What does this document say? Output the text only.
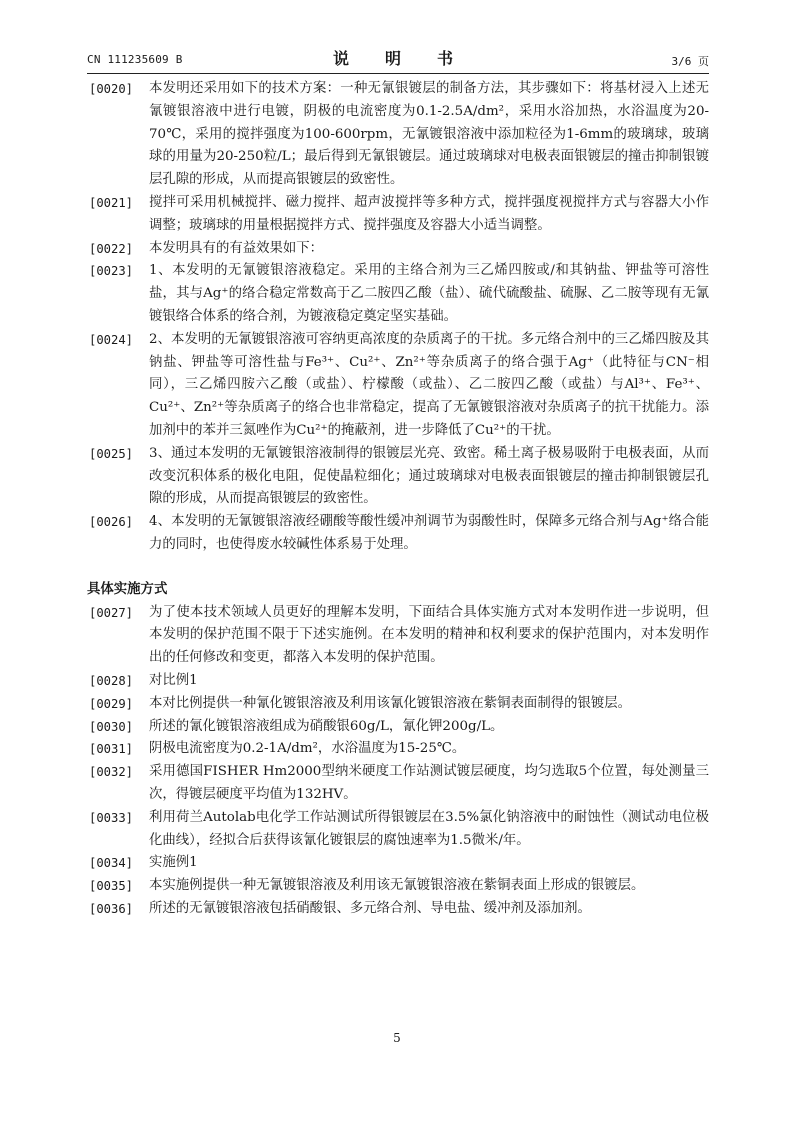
CN 111235609 B	说　明　书	3/6 页

[0020] 本发明还采用如下的技术方案：一种无氰银镀层的制备方法，其步骤如下：将基材浸入上述无氰镀银溶液中进行电镀，阴极的电流密度为0.1-2.5A/dm²，采用水浴加热，水浴温度为20-70℃，采用的搅拌强度为100-600rpm，无氰镀银溶液中添加粒径为1-6mm的玻璃球，玻璃球的用量为20-250粒/L；最后得到无氰银镀层。通过玻璃球对电极表面银镀层的撞击抑制银镀层孔隙的形成，从而提高银镀层的致密性。

[0021] 搅拌可采用机械搅拌、磁力搅拌、超声波搅拌等多种方式，搅拌强度视搅拌方式与容器大小作调整；玻璃球的用量根据搅拌方式、搅拌强度及容器大小适当调整。

[0022] 本发明具有的有益效果如下：

[0023] 1、本发明的无氰镀银溶液稳定。采用的主络合剂为三乙烯四胺或/和其钠盐、钾盐等可溶性盐，其与Ag⁺的络合稳定常数高于乙二胺四乙酸（盐）、硫代硫酸盐、硫脲、乙二胺等现有无氰镀银络合体系的络合剂，为镀液稳定奠定坚实基础。

[0024] 2、本发明的无氰镀银溶液可容纳更高浓度的杂质离子的干扰。多元络合剂中的三乙烯四胺及其钠盐、钾盐等可溶性盐与Fe³⁺、Cu²⁺、Zn²⁺等杂质离子的络合强于Ag⁺（此特征与CN⁻相同），三乙烯四胺六乙酸（或盐）、柠檬酸（或盐）、乙二胺四乙酸（或盐）与Al³⁺、Fe³⁺、Cu²⁺、Zn²⁺等杂质离子的络合也非常稳定，提高了无氰镀银溶液对杂质离子的抗干扰能力。添加剂中的苯并三氮唑作为Cu²⁺的掩蔽剂，进一步降低了Cu²⁺的干扰。

[0025] 3、通过本发明的无氰镀银溶液制得的银镀层光亮、致密。稀土离子极易吸附于电极表面，从而改变沉积体系的极化电阻，促使晶粒细化；通过玻璃球对电极表面银镀层的撞击抑制银镀层孔隙的形成，从而提高银镀层的致密性。

[0026] 4、本发明的无氰镀银溶液经硼酸等酸性缓冲剂调节为弱酸性时，保障多元络合剂与Ag⁺络合能力的同时，也使得废水较碱性体系易于处理。

具体实施方式

[0027] 为了使本技术领域人员更好的理解本发明，下面结合具体实施方式对本发明作进一步说明，但本发明的保护范围不限于下述实施例。在本发明的精神和权利要求的保护范围内，对本发明作出的任何修改和变更，都落入本发明的保护范围。

[0028] 对比例1

[0029] 本对比例提供一种氰化镀银溶液及利用该氰化镀银溶液在紫铜表面制得的银镀层。

[0030] 所述的氰化镀银溶液组成为硝酸银60g/L，氰化钾200g/L。

[0031] 阴极电流密度为0.2-1A/dm²，水浴温度为15-25℃。

[0032] 采用德国FISHER Hm2000型纳米硬度工作站测试镀层硬度，均匀选取5个位置，每处测量三次，得镀层硬度平均值为132HV。

[0033] 利用荷兰Autolab电化学工作站测试所得银镀层在3.5%氯化钠溶液中的耐蚀性（测试动电位极化曲线），经拟合后获得该氰化镀银层的腐蚀速率为1.5微米/年。

[0034] 实施例1

[0035] 本实施例提供一种无氰镀银溶液及利用该无氰镀银溶液在紫铜表面上形成的银镀层。

[0036] 所述的无氰镀银溶液包括硝酸银、多元络合剂、导电盐、缓冲剂及添加剂。

5
